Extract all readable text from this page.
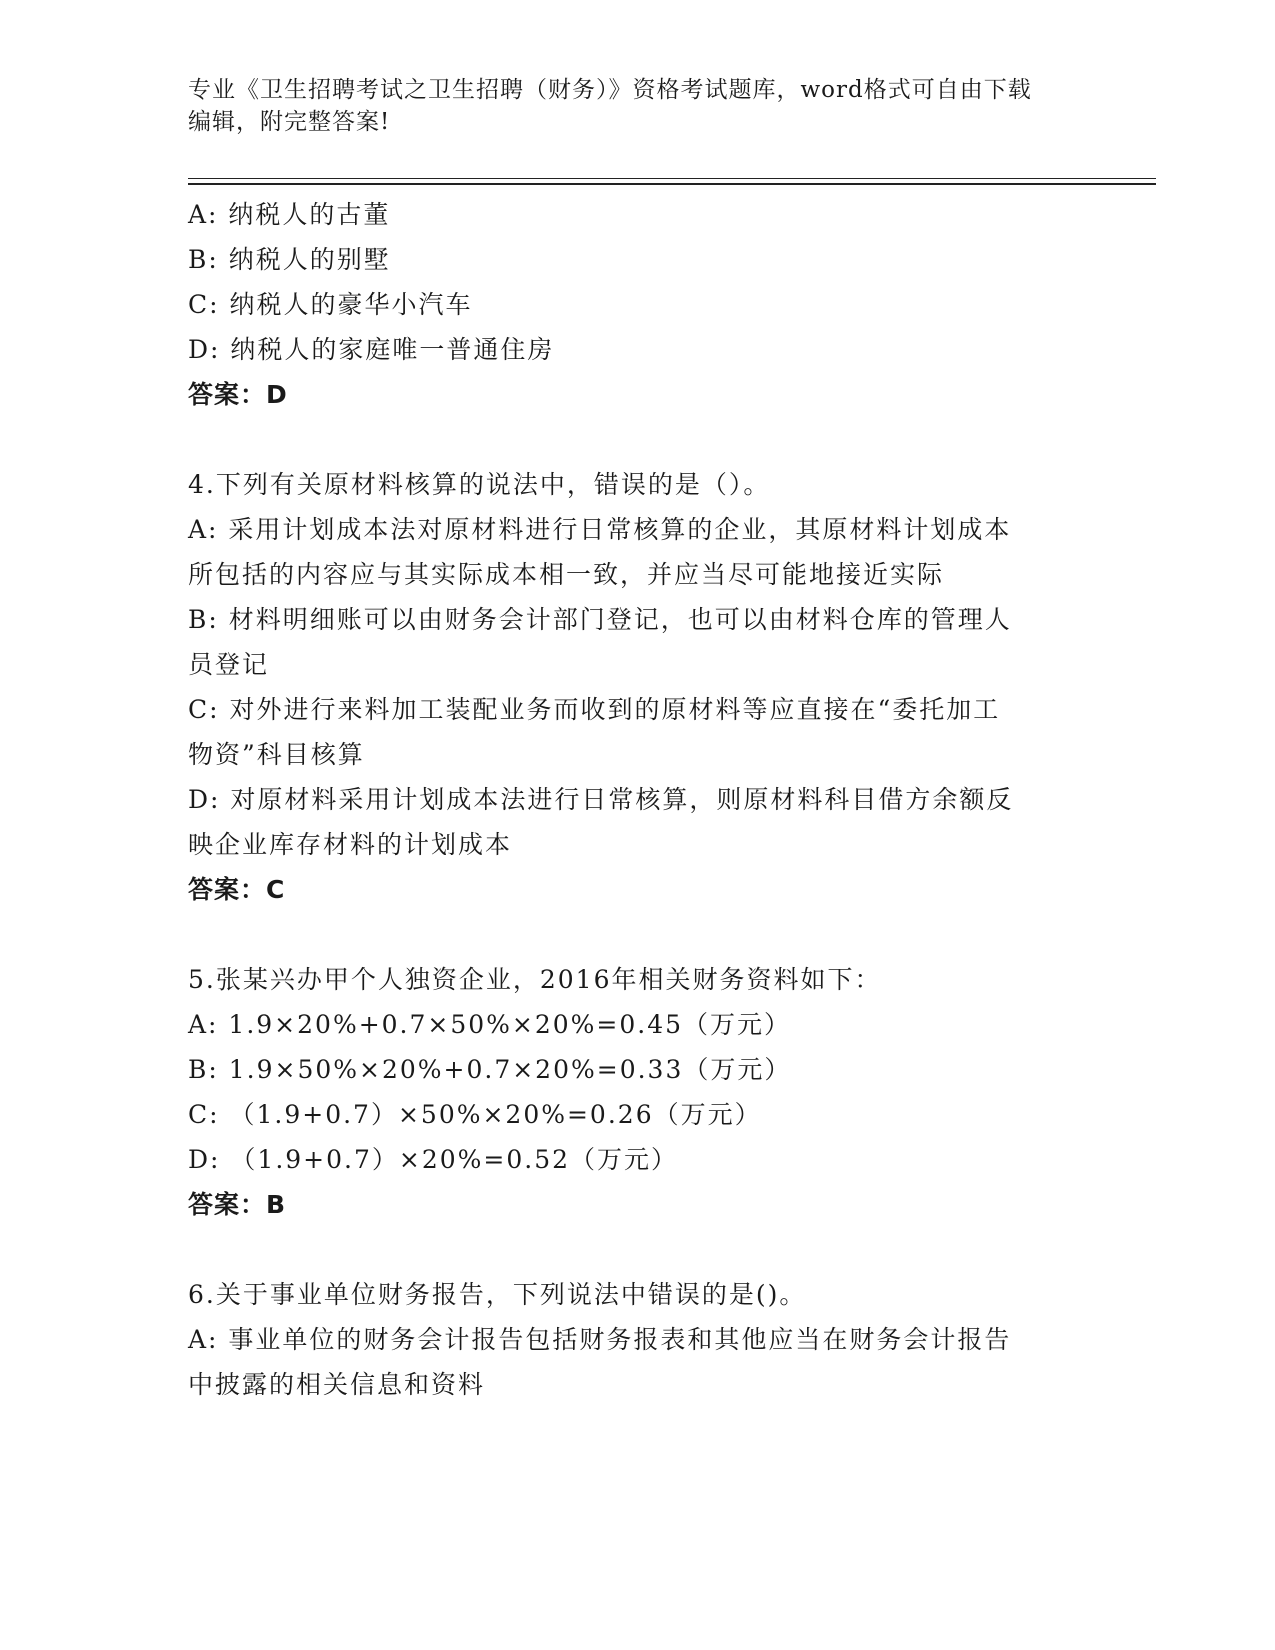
专业《卫生招聘考试之卫生招聘（财务）》资格考试题库，word格式可自由下载
编辑，附完整答案!

A: 纳税人的古董

B: 纳税人的别墅

C: 纳税人的豪华小汽车

D: 纳税人的家庭唯一普通住房

答案：D

4.下列有关原材料核算的说法中，错误的是（）。

A: 采用计划成本法对原材料进行日常核算的企业，其原材料计划成本

所包括的内容应与其实际成本相一致，并应当尽可能地接近实际

B: 材料明细账可以由财务会计部门登记，也可以由材料仓库的管理人

员登记

C: 对外进行来料加工装配业务而收到的原材料等应直接在“委托加工

物资”科目核算

D: 对原材料采用计划成本法进行日常核算，则原材料科目借方余额反

映企业库存材料的计划成本

答案：C

5.张某兴办甲个人独资企业，2016年相关财务资料如下：

A: 1.9×20%+0.7×50%×20%=0.45（万元）

B: 1.9×50%×20%+0.7×20%=0.33（万元）

C: （1.9+0.7）×50%×20%=0.26（万元）

D: （1.9+0.7）×20%=0.52（万元）

答案：B

6.关于事业单位财务报告，下列说法中错误的是()。

A: 事业单位的财务会计报告包括财务报表和其他应当在财务会计报告

中披露的相关信息和资料
